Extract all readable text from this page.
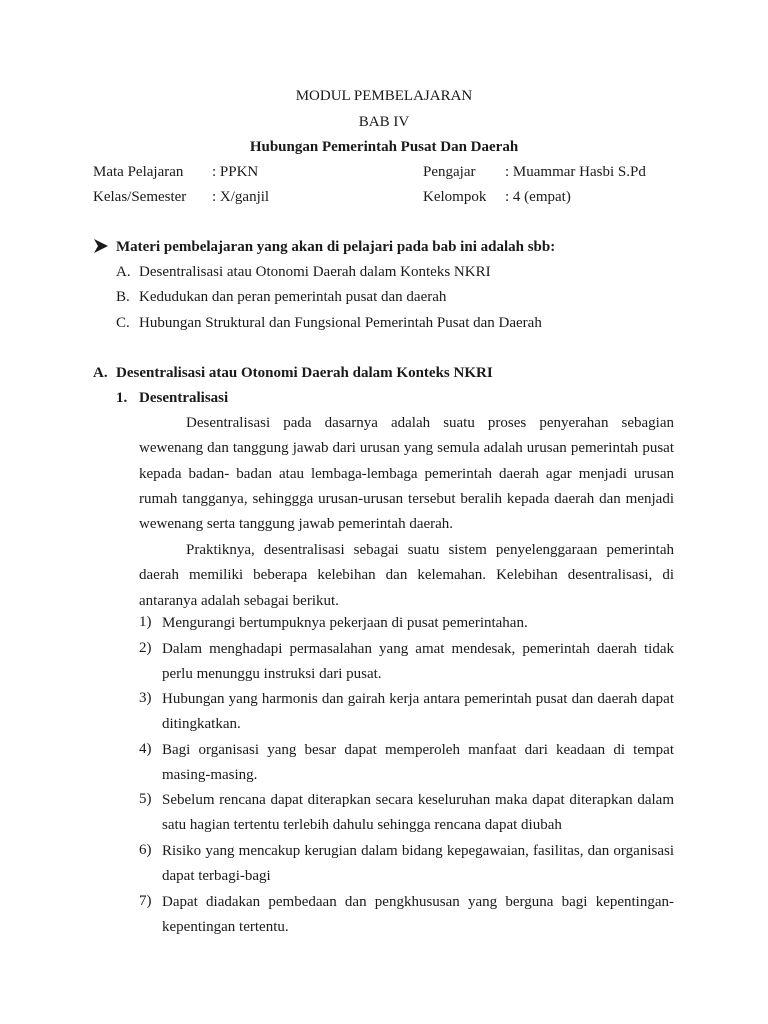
MODUL PEMBELAJARAN
BAB IV
Hubungan Pemerintah Pusat Dan Daerah
Mata Pelajaran : PPKN	Pengajar : Muammar Hasbi S.Pd
Kelas/Semester : X/ganjil	Kelompok : 4 (empat)
Materi pembelajaran yang akan di pelajari pada bab ini adalah sbb:
A. Desentralisasi atau Otonomi Daerah dalam Konteks NKRI
B. Kedudukan dan peran pemerintah pusat dan daerah
C. Hubungan Struktural dan Fungsional Pemerintah Pusat dan Daerah
A. Desentralisasi atau Otonomi Daerah dalam Konteks NKRI
1. Desentralisasi
Desentralisasi pada dasarnya adalah suatu proses penyerahan sebagian wewenang dan tanggung jawab dari urusan yang semula adalah urusan pemerintah pusat kepada badan- badan atau lembaga-lembaga pemerintah daerah agar menjadi urusan rumah tangganya, sehinggga urusan-urusan tersebut beralih kepada daerah dan menjadi wewenang serta tanggung jawab pemerintah daerah.
Praktiknya, desentralisasi sebagai suatu sistem penyelenggaraan pemerintah daerah memiliki beberapa kelebihan dan kelemahan. Kelebihan desentralisasi, di antaranya adalah sebagai berikut.
1) Mengurangi bertumpuknya pekerjaan di pusat pemerintahan.
2) Dalam menghadapi permasalahan yang amat mendesak, pemerintah daerah tidak perlu menunggu instruksi dari pusat.
3) Hubungan yang harmonis dan gairah kerja antara pemerintah pusat dan daerah dapat ditingkatkan.
4) Bagi organisasi yang besar dapat memperoleh manfaat dari keadaan di tempat masing-masing.
5) Sebelum rencana dapat diterapkan secara keseluruhan maka dapat diterapkan dalam satu hagian tertentu terlebih dahulu sehingga rencana dapat diubah
6) Risiko yang mencakup kerugian dalam bidang kepegawaian, fasilitas, dan organisasi dapat terbagi-bagi
7) Dapat diadakan pembedaan dan pengkhususan yang berguna bagi kepentingan-kepentingan tertentu.
